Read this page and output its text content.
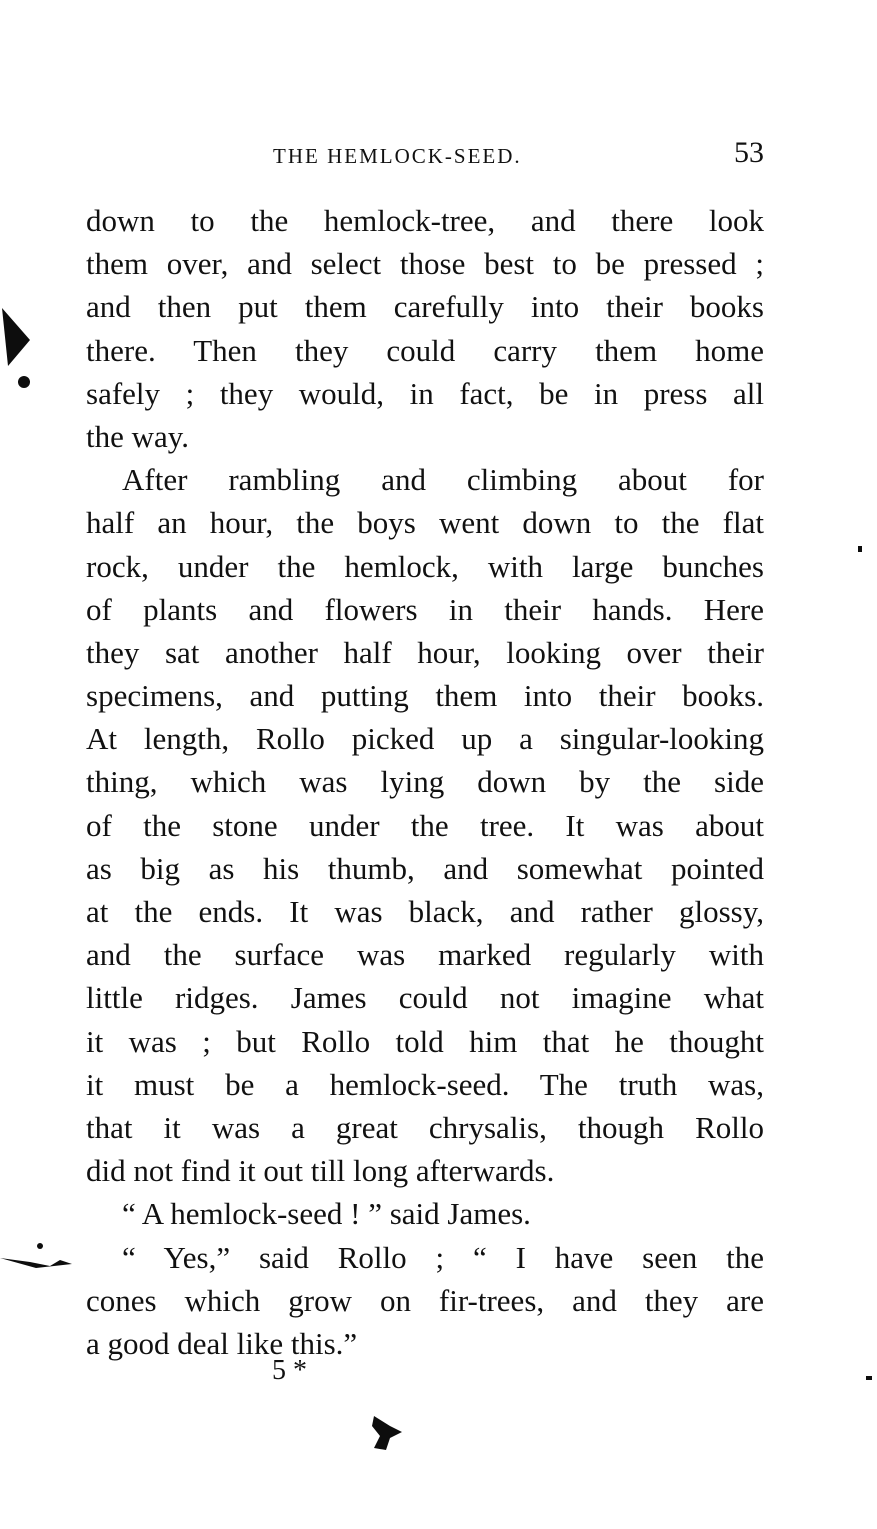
THE HEMLOCK-SEED.	53
down to the hemlock-tree, and there look
them over, and select those best to be pressed ;
and then put them carefully into their books
there. Then they could carry them home
safely ; they would, in fact, be in press all
the way.
After rambling and climbing about for
half an hour, the boys went down to the flat
rock, under the hemlock, with large bunches
of plants and flowers in their hands. Here
they sat another half hour, looking over their
specimens, and putting them into their books.
At length, Rollo picked up a singular-looking
thing, which was lying down by the side
of the stone under the tree. It was about
as big as his thumb, and somewhat pointed
at the ends. It was black, and rather glossy,
and the surface was marked regularly with
little ridges. James could not imagine what
it was ; but Rollo told him that he thought
it must be a hemlock-seed. The truth was,
that it was a great chrysalis, though Rollo
did not find it out till long afterwards.
“ A hemlock-seed ! ” said James.
“ Yes,” said Rollo ; “ I have seen the
cones which grow on fir-trees, and they are
a good deal like this.”
5 *
